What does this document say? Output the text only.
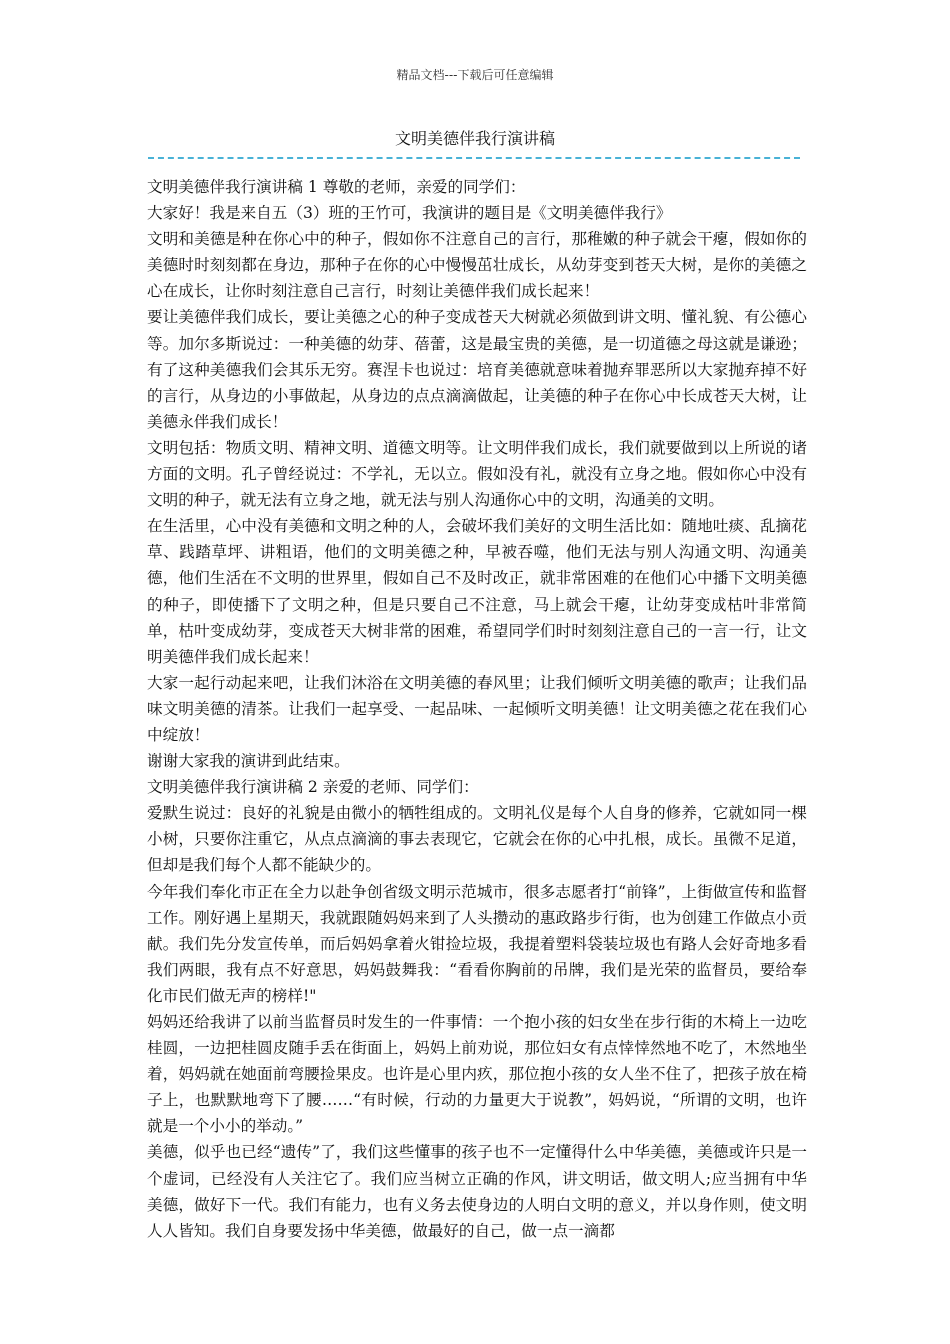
精品文档---下载后可任意编辑
文明美德伴我行演讲稿

文明美德伴我行演讲稿 1 尊敬的老师，亲爱的同学们：

大家好！我是来自五（3）班的王竹可，我演讲的题目是《文明美德伴我行》

文明和美德是种在你心中的种子，假如你不注意自己的言行，那稚嫩的种子就会干瘪，假如你的美德时时刻刻都在身边，那种子在你的心中慢慢茁壮成长，从幼芽变到苍天大树，是你的美德之心在成长，让你时刻注意自己言行，时刻让美德伴我们成长起来！

要让美德伴我们成长，要让美德之心的种子变成苍天大树就必须做到讲文明、懂礼貌、有公德心等。加尔多斯说过：一种美德的幼芽、蓓蕾，这是最宝贵的美德，是一切道德之母这就是谦逊；有了这种美德我们会其乐无穷。赛涅卡也说过：培育美德就意味着抛弃罪恶所以大家抛弃掉不好的言行，从身边的小事做起，从身边的点点滴滴做起，让美德的种子在你心中长成苍天大树，让美德永伴我们成长！

文明包括：物质文明、精神文明、道德文明等。让文明伴我们成长，我们就要做到以上所说的诸方面的文明。孔子曾经说过：不学礼，无以立。假如没有礼，就没有立身之地。假如你心中没有文明的种子，就无法有立身之地，就无法与别人沟通你心中的文明，沟通美的文明。

在生活里，心中没有美德和文明之种的人，会破坏我们美好的文明生活比如：随地吐痰、乱摘花草、践踏草坪、讲粗语，他们的文明美德之种，早被吞噬，他们无法与别人沟通文明、沟通美德，他们生活在不文明的世界里，假如自己不及时改正，就非常困难的在他们心中播下文明美德的种子，即使播下了文明之种，但是只要自己不注意，马上就会干瘪，让幼芽变成枯叶非常简单，枯叶变成幼芽，变成苍天大树非常的困难，希望同学们时时刻刻注意自己的一言一行，让文明美德伴我们成长起来！

大家一起行动起来吧，让我们沐浴在文明美德的春风里；让我们倾听文明美德的歌声；让我们品味文明美德的清茶。让我们一起享受、一起品味、一起倾听文明美德！让文明美德之花在我们心中绽放！

谢谢大家我的演讲到此结束。

文明美德伴我行演讲稿 2 亲爱的老师、同学们：

爱默生说过：良好的礼貌是由微小的牺牲组成的。文明礼仪是每个人自身的修养，它就如同一棵小树，只要你注重它，从点点滴滴的事去表现它，它就会在你的心中扎根，成长。虽微不足道，但却是我们每个人都不能缺少的。

今年我们奉化市正在全力以赴争创省级文明示范城市，很多志愿者打“前锋”，上街做宣传和监督工作。刚好遇上星期天，我就跟随妈妈来到了人头攒动的惠政路步行街，也为创建工作做点小贡献。我们先分发宣传单，而后妈妈拿着火钳捡垃圾，我提着塑料袋装垃圾也有路人会好奇地多看我们两眼，我有点不好意思，妈妈鼓舞我：“看看你胸前的吊牌，我们是光荣的监督员，要给奉化市民们做无声的榜样!"

妈妈还给我讲了以前当监督员时发生的一件事情：一个抱小孩的妇女坐在步行街的木椅上一边吃桂圆，一边把桂圆皮随手丢在街面上，妈妈上前劝说，那位妇女有点悻悻然地不吃了，木然地坐着，妈妈就在她面前弯腰捡果皮。也许是心里内疚，那位抱小孩的女人坐不住了，把孩子放在椅子上，也默默地弯下了腰……“有时候，行动的力量更大于说教”，妈妈说，“所谓的文明，也许就是一个小小的举动。”

美德，似乎也已经“遗传”了，我们这些懂事的孩子也不一定懂得什么中华美德，美德或许只是一个虚词，已经没有人关注它了。我们应当树立正确的作风，讲文明话，做文明人;应当拥有中华美德，做好下一代。我们有能力，也有义务去使身边的人明白文明的意义，并以身作则，使文明人人皆知。我们自身要发扬中华美德，做最好的自己，做一点一滴都
